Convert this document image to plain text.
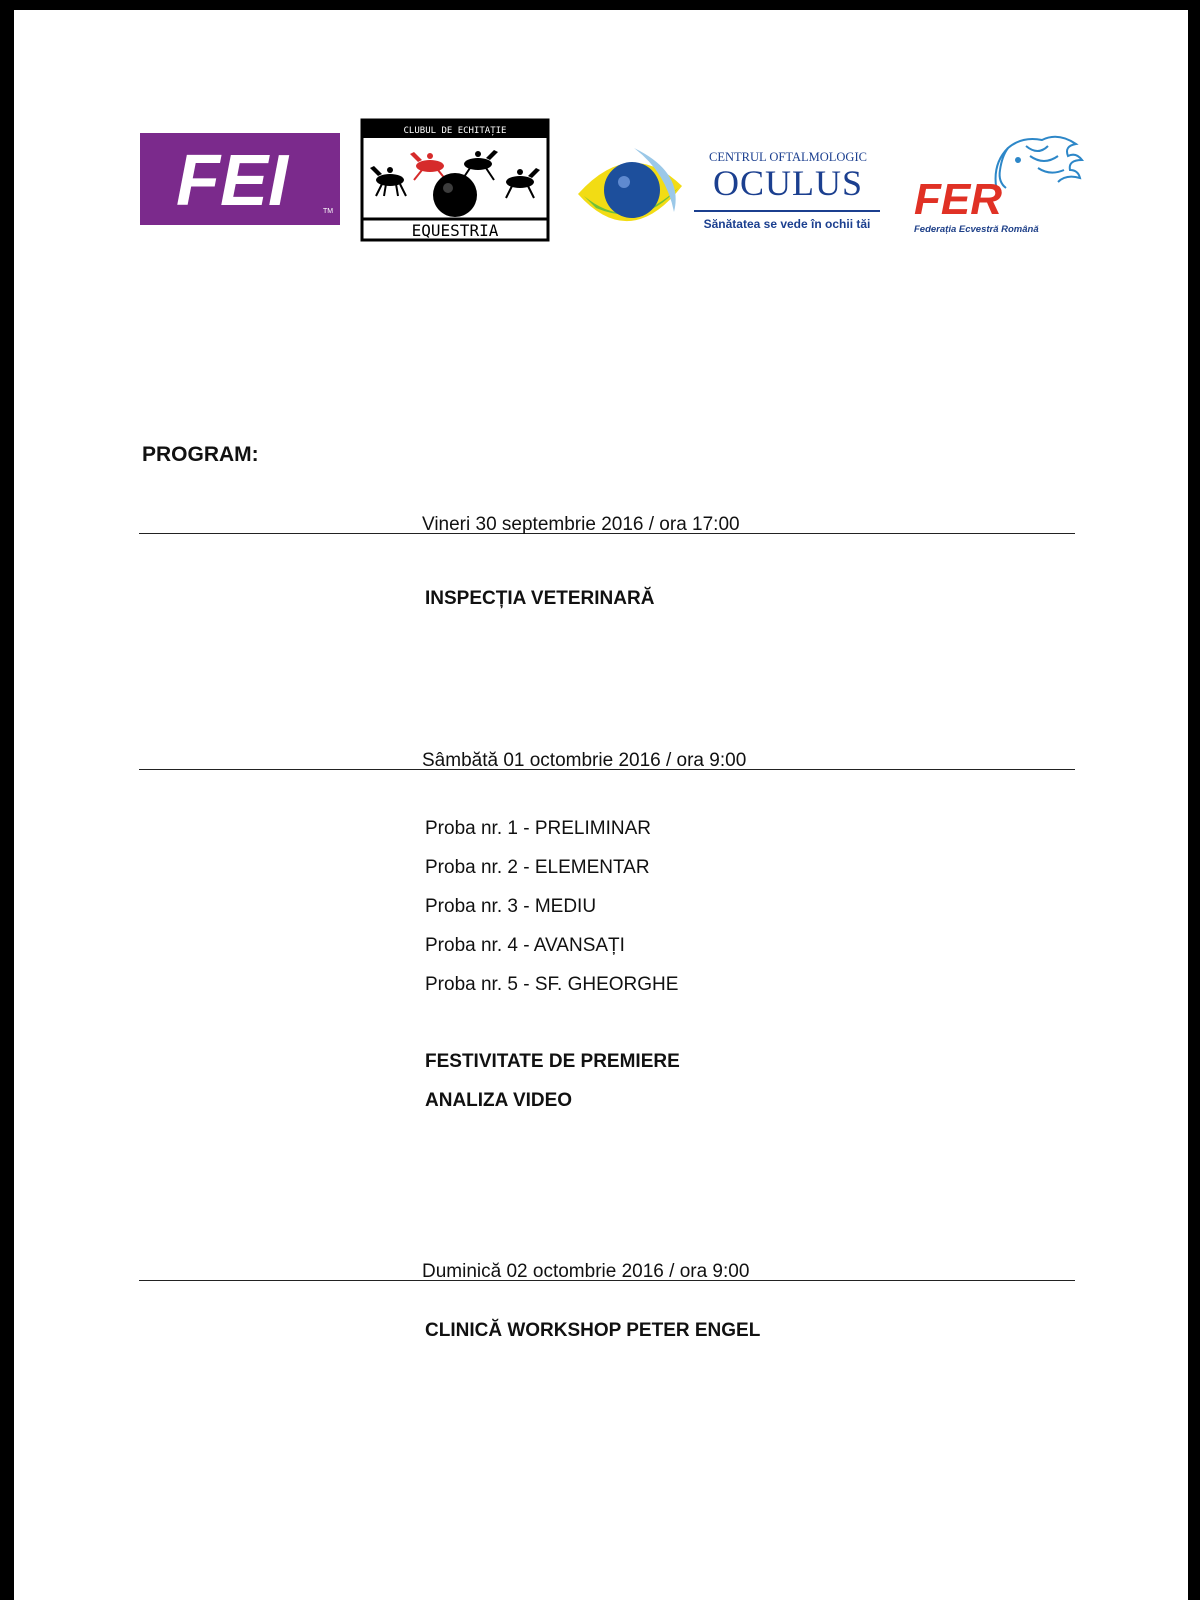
FEI	TM
CLUBUL DE ECHITAȚIE
EQUESTRIA
CENTRUL OFTALMOLOGIC
OCULUS
Sănătatea se vede în ochii tăi FER
Federația Ecvestră Română
PROGRAM:
Vineri 30 septembrie 2016 / ora 17:00
INSPECȚIA VETERINARĂ
Sâmbătă 01 octombrie 2016 / ora 9:00
Proba nr. 1 - PRELIMINAR
Proba nr. 2 - ELEMENTAR
Proba nr. 3 - MEDIU
Proba nr. 4 - AVANSAȚI
Proba nr. 5 - SF. GHEORGHE
FESTIVITATE DE PREMIERE
ANALIZA VIDEO
Duminică 02 octombrie 2016 / ora 9:00
CLINICĂ WORKSHOP PETER ENGEL
